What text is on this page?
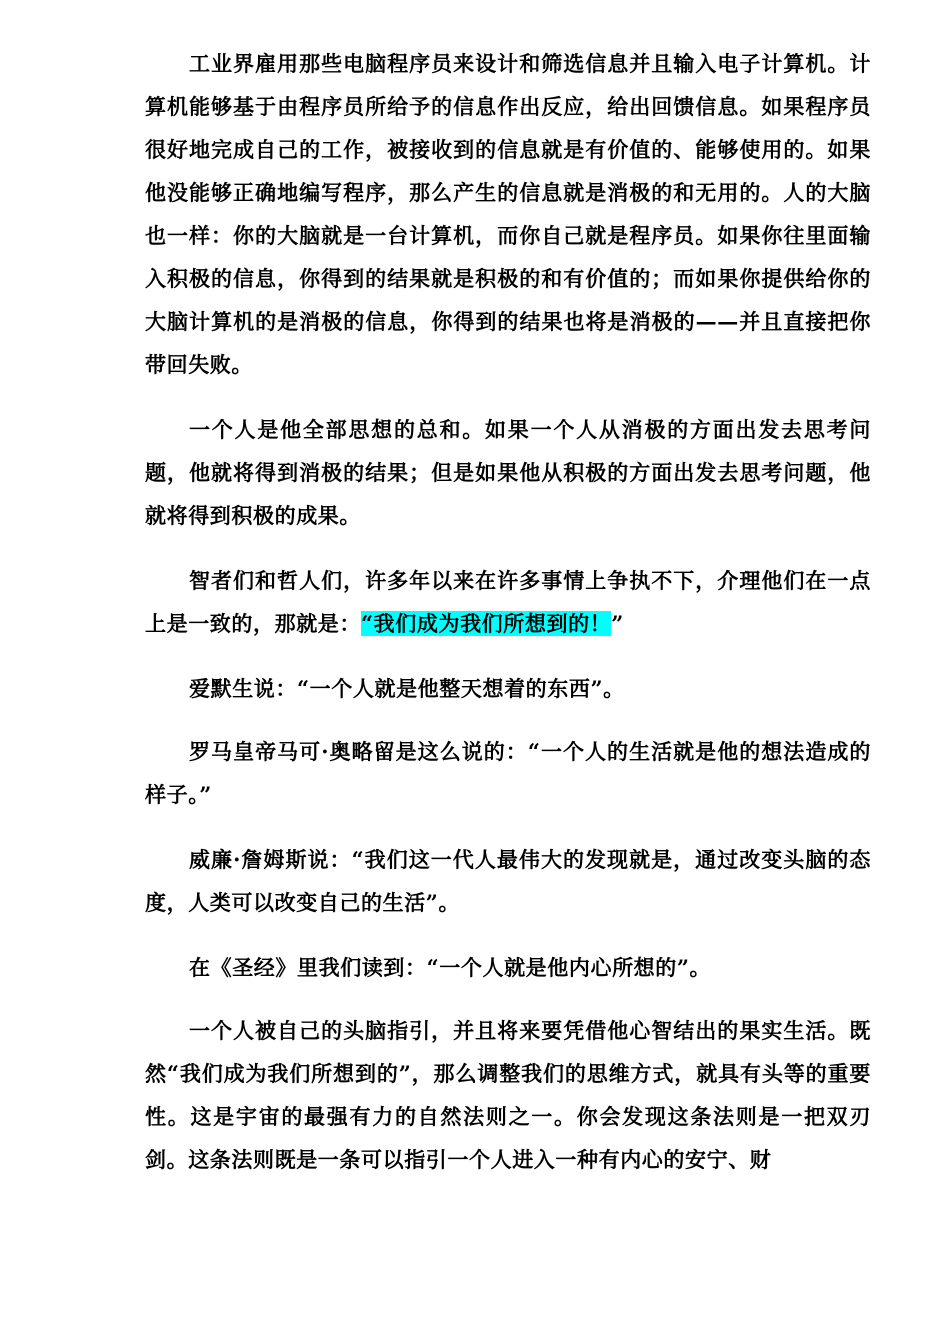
工业界雇用那些电脑程序员来设计和筛选信息并且输入电子计算机。计算机能够基于由程序员所给予的信息作出反应，给出回馈信息。如果程序员很好地完成自己的工作，被接收到的信息就是有价值的、能够使用的。如果他没能够正确地编写程序，那么产生的信息就是消极的和无用的。人的大脑也一样：你的大脑就是一台计算机，而你自己就是程序员。如果你往里面输入积极的信息，你得到的结果就是积极的和有价值的；而如果你提供给你的大脑计算机的是消极的信息，你得到的结果也将是消极的——并且直接把你带回失败。

一个人是他全部思想的总和。如果一个人从消极的方面出发去思考问题，他就将得到消极的结果；但是如果他从积极的方面出发去思考问题，他就将得到积极的成果。

智者们和哲人们，许多年以来在许多事情上争执不下，介理他们在一点上是一致的，那就是：“我们成为我们所想到的！”

爱默生说：“一个人就是他整天想着的东西”。

罗马皇帝马可·奥略留是这么说的：“一个人的生活就是他的想法造成的样子。”

威廉·詹姆斯说：“我们这一代人最伟大的发现就是，通过改变头脑的态度，人类可以改变自己的生活”。

在《圣经》里我们读到：“一个人就是他内心所想的”。

一个人被自己的头脑指引，并且将来要凭借他心智结出的果实生活。既然“我们成为我们所想到的”，那么调整我们的思维方式，就具有头等的重要性。这是宇宙的最强有力的自然法则之一。你会发现这条法则是一把双刃剑。这条法则既是一条可以指引一个人进入一种有内心的安宁、财
